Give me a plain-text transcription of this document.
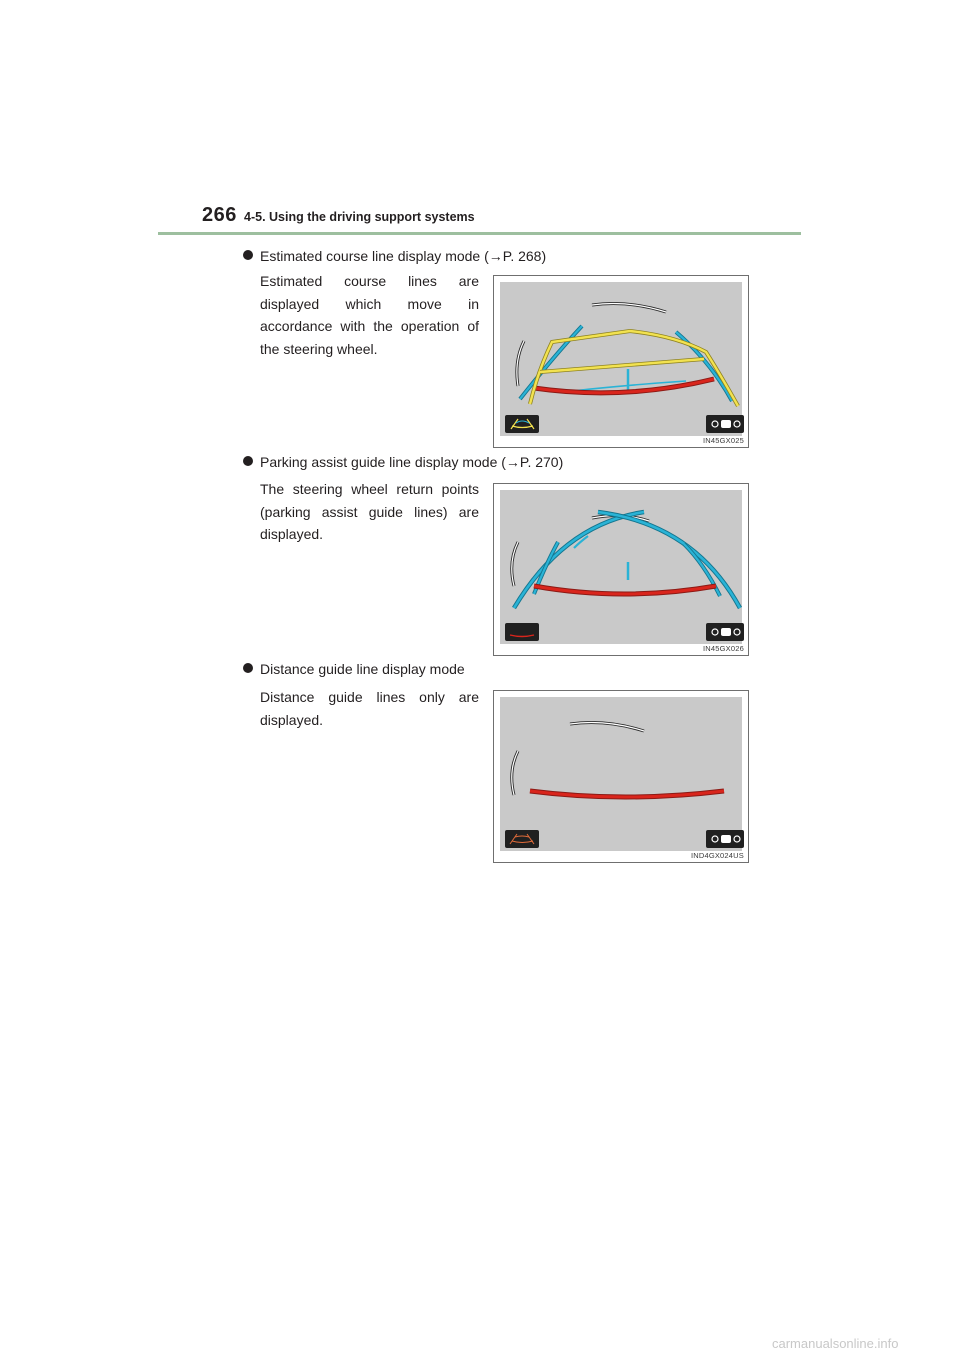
266 4-5. Using the driving support systems
Estimated course line display mode (→P. 268)
Estimated course lines are displayed which move in accordance with the operation of the steering wheel.
IN45GX025
Parking assist guide line display mode (→P. 270)
The steering wheel return points (parking assist guide lines) are displayed.
IN45GX026
Distance guide line display mode
Distance guide lines only are displayed.
IND4GX024US
carmanualsonline.info
